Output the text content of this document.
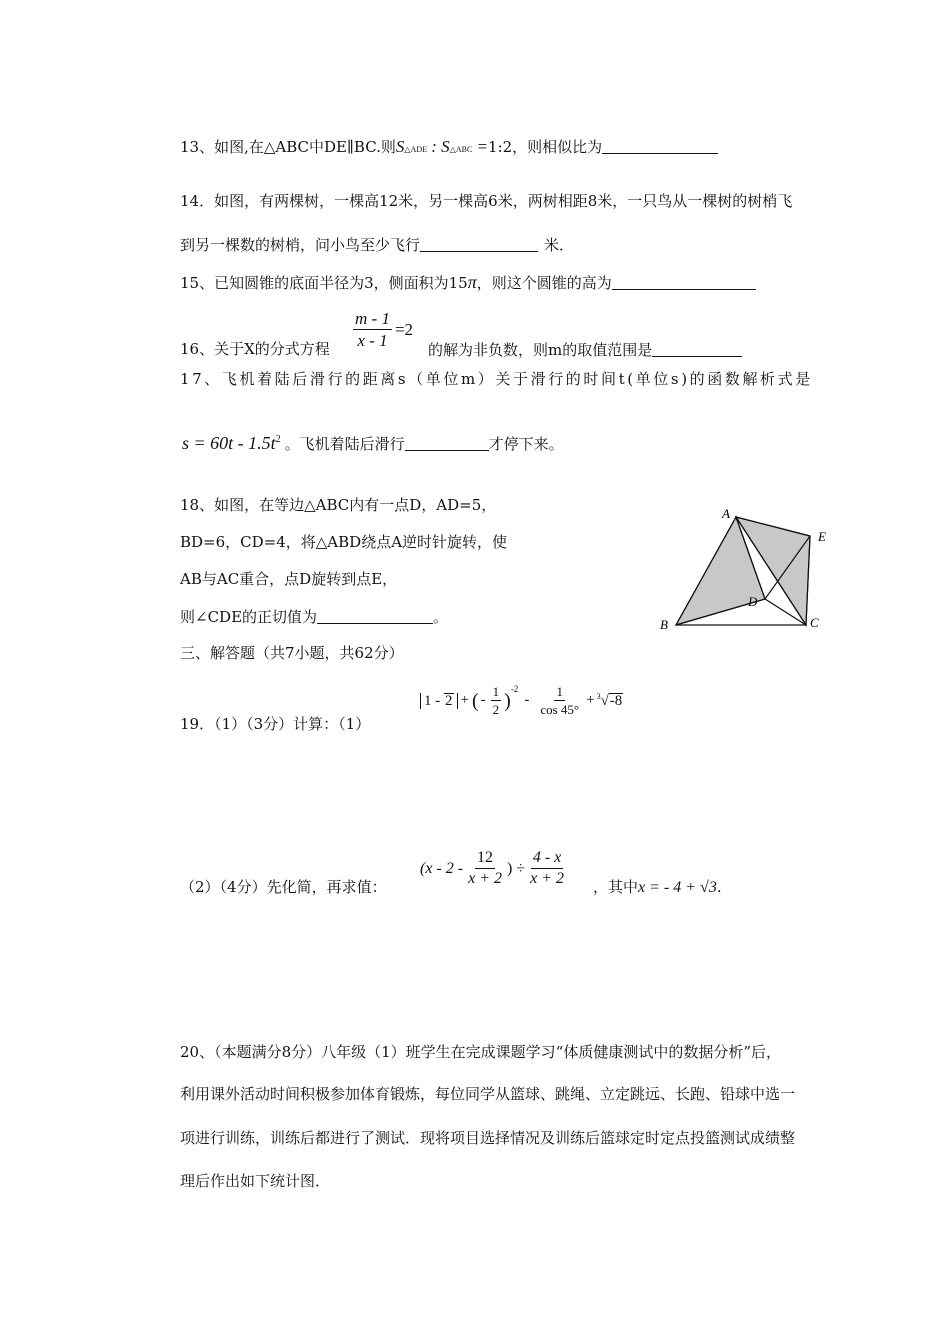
13、如图,在△ABC中DE∥BC.则S△ADE : S△ABC =1:2，则相似比为
14．如图，有两棵树，一棵高12米，另一棵高6米，两树相距8米，一只鸟从一棵树的树梢飞
到另一棵数的树梢，问小鸟至少飞行	米．
15、已知圆锥的底面半径为3，侧面积为15π，则这个圆锥的高为
16、关于X的分式方程 $\frac{m - 1}{x - 1} =2$
的解为非负数，则m的取值范围是
17、飞机着陆后滑行的距离s（单位m）关于滑行的时间t(单位s)的函数解析式是
$s = 60t - 1.5t^2$ 。飞机着陆后滑行	才停下来。
18、如图，在等边△ABC内有一点D，AD=5，
BD=6，CD=4，将△ABD绕点A逆时针旋转，使
AB与AC重合，点D旋转到点E，
则∠CDE的正切值为	。
A
B	C
D
E
三、解答题（共7小题，共62分）
19．（1）（3分）计算：（1）
1 - 2 + ( - $\frac{1}{2}$ )
-2
- $\frac{1}{\cos 45^\circ} + ^3√-8$
（2）（4分）先化简，再求值：
($x - 2 - \frac{12}{x + 2}$ ) ÷ $\frac{4 - x}{x + 2}$ ，其中x = - 4 + √3.
20、（本题满分8分）八年级（1）班学生在完成课题学习“体质健康测试中的数据分析”后，
利用课外活动时间积极参加体育锻炼，每位同学从篮球、跳绳、立定跳远、长跑、铅球中选一
项进行训练，训练后都进行了测试．现将项目选择情况及训练后篮球定时定点投篮测试成绩整
理后作出如下统计图．
